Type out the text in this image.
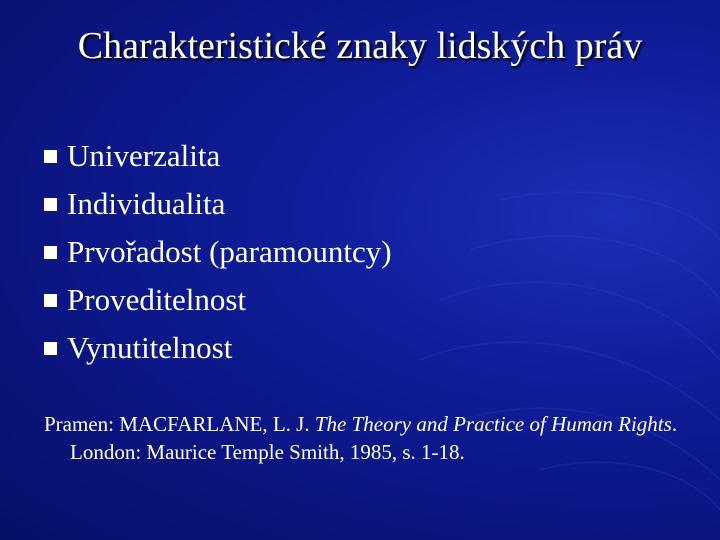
Charakteristické znaky lidských práv
Univerzalita
Individualita
Prvořadost (paramountcy)
Proveditelnost
Vynutitelnost
Pramen: MACFARLANE, L. J. The Theory and Practice of Human Rights. London: Maurice Temple Smith, 1985, s. 1-18.
